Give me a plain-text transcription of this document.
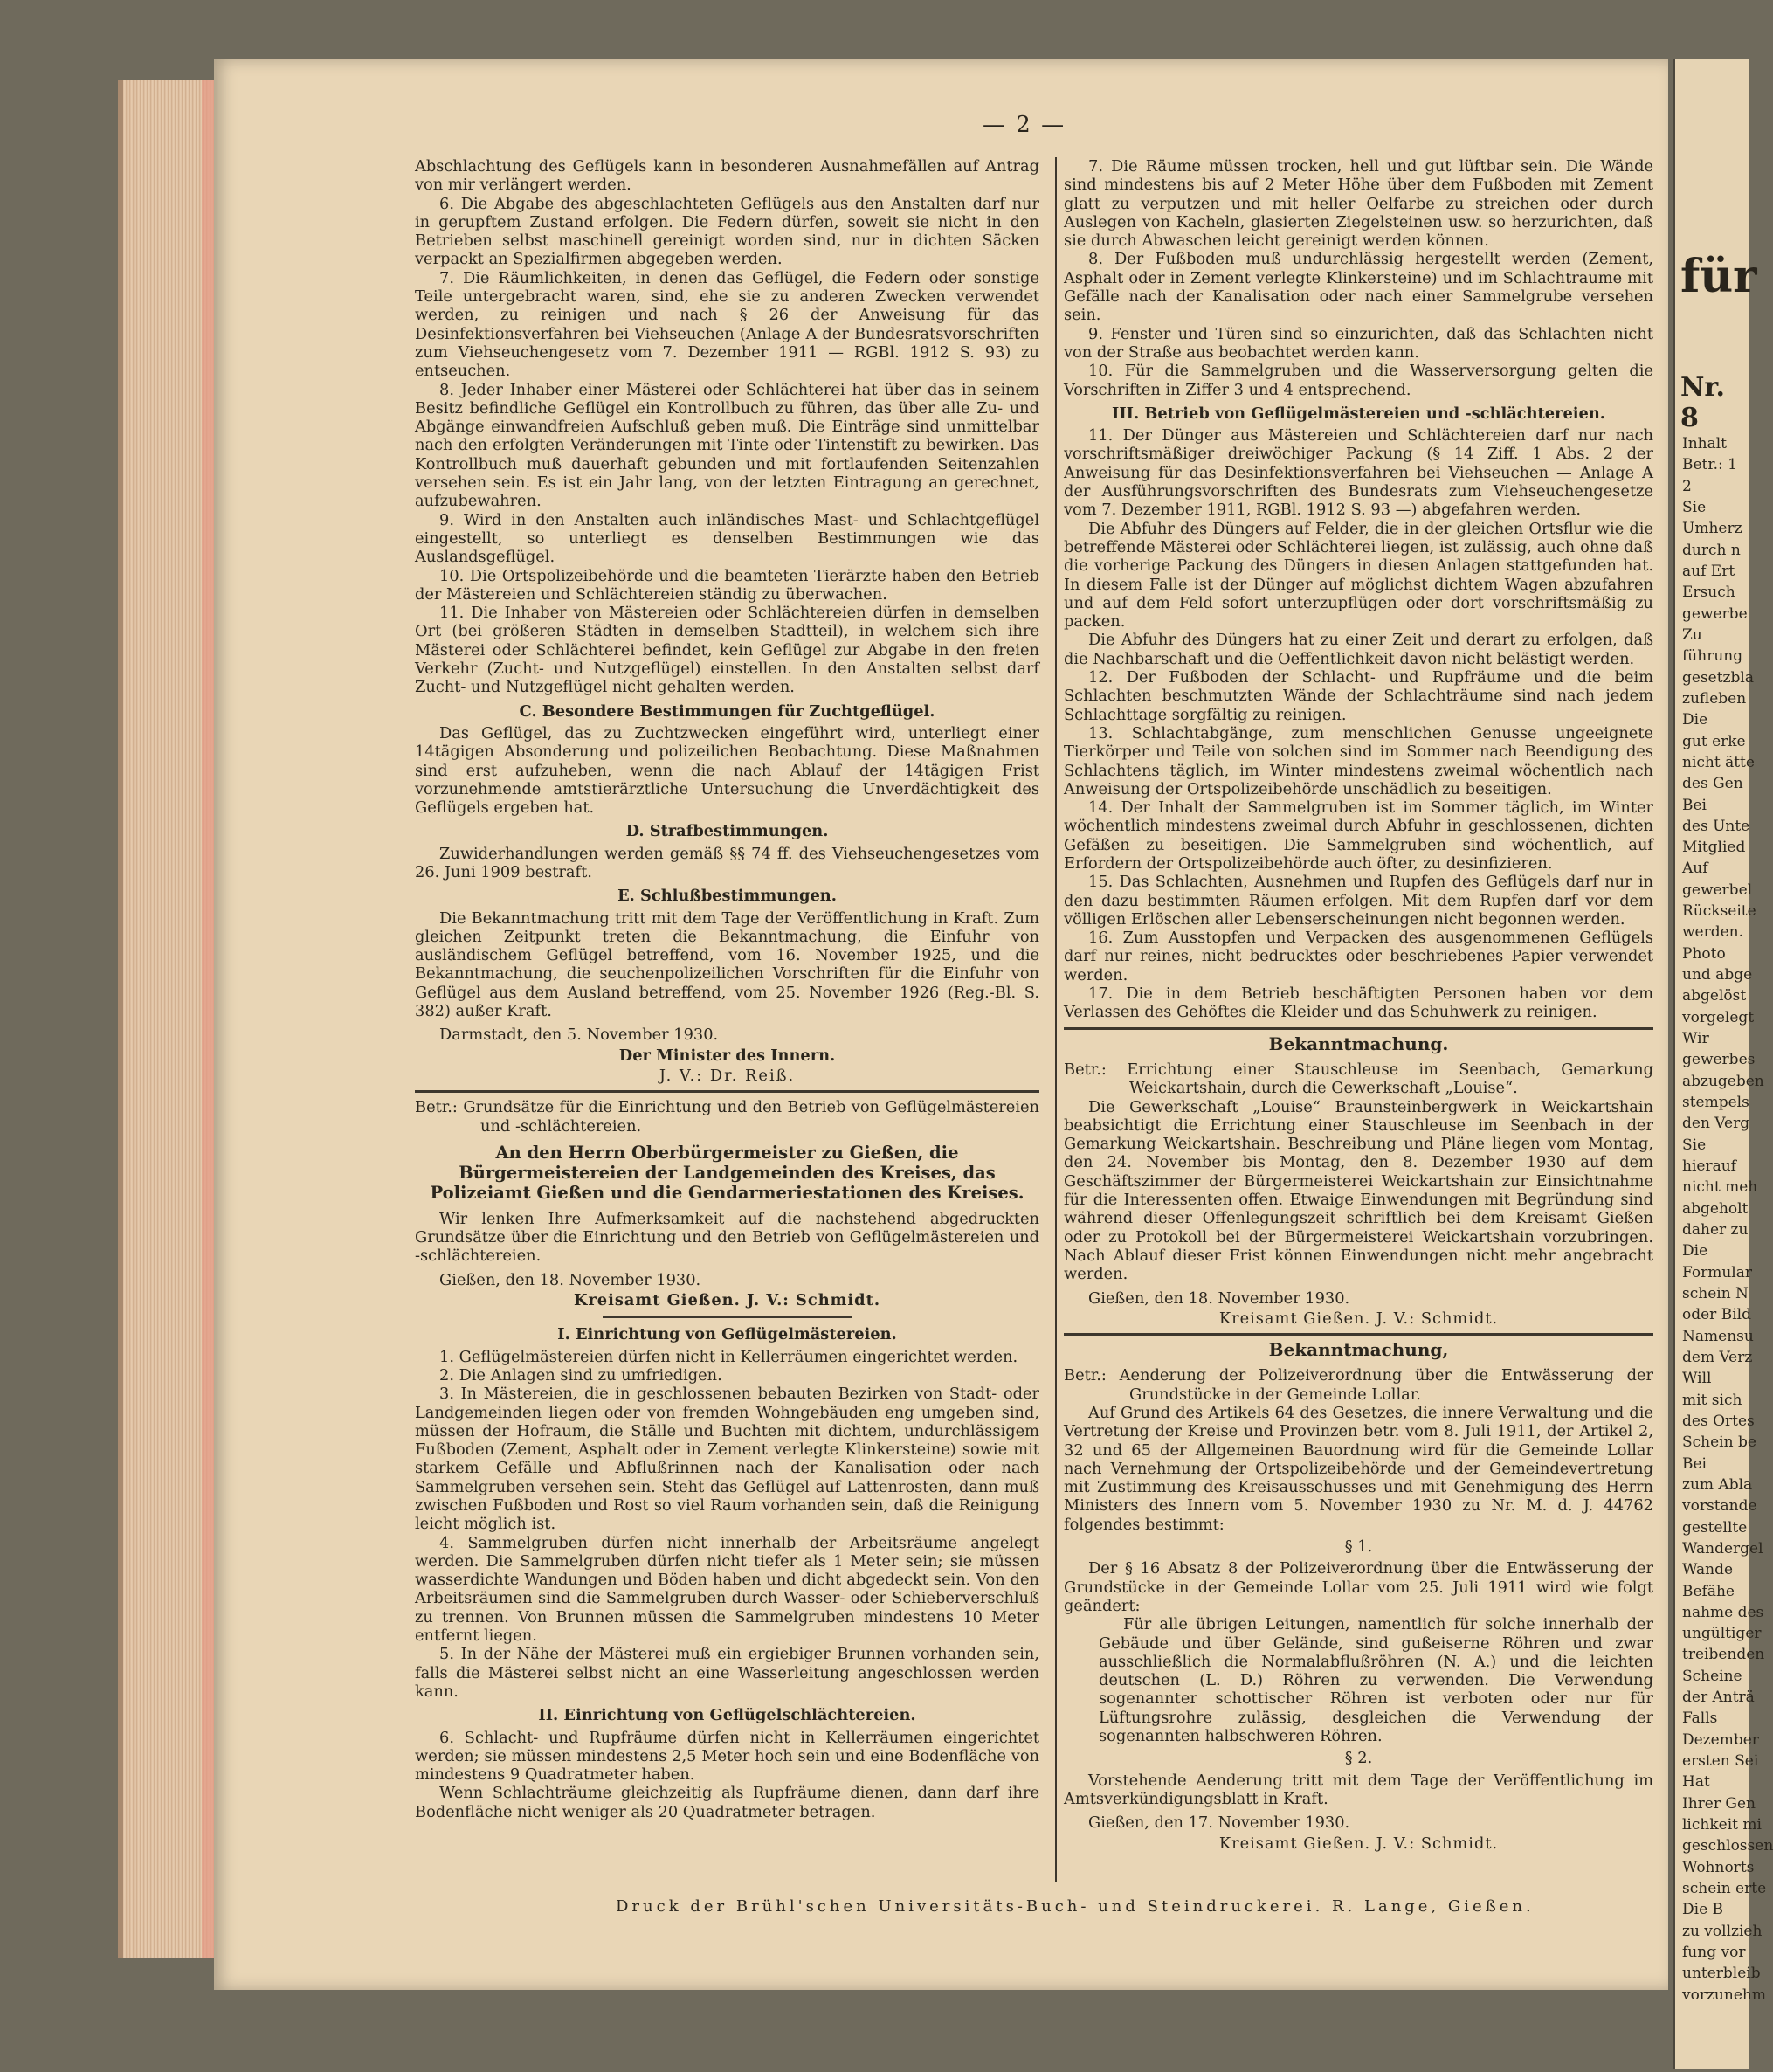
— 2 —

Abschlachtung des Geflügels kann in besonderen Ausnahmefällen auf Antrag von mir verlängert werden.

6. Die Abgabe des abgeschlachteten Geflügels aus den Anstalten darf nur in gerupftem Zustand erfolgen. Die Federn dürfen, soweit sie nicht in den Betrieben selbst maschinell gereinigt worden sind, nur in dichten Säcken verpackt an Spezialfirmen abgegeben werden.

7. Die Räumlichkeiten, in denen das Geflügel, die Federn oder sonstige Teile untergebracht waren, sind, ehe sie zu anderen Zwecken verwendet werden, zu reinigen und nach § 26 der Anweisung für das Desinfektionsverfahren bei Viehseuchen (Anlage A der Bundesratsvorschriften zum Viehseuchengesetz vom 7. Dezember 1911 — RGBl. 1912 S. 93) zu entseuchen.

8. Jeder Inhaber einer Mästerei oder Schlächterei hat über das in seinem Besitz befindliche Geflügel ein Kontrollbuch zu führen, das über alle Zu- und Abgänge einwandfreien Aufschluß geben muß. Die Einträge sind unmittelbar nach den erfolgten Veränderungen mit Tinte oder Tintenstift zu bewirken. Das Kontrollbuch muß dauerhaft gebunden und mit fortlaufenden Seitenzahlen versehen sein. Es ist ein Jahr lang, von der letzten Eintragung an gerechnet, aufzubewahren.

9. Wird in den Anstalten auch inländisches Mast- und Schlachtgeflügel eingestellt, so unterliegt es denselben Bestimmungen wie das Auslandsgeflügel.

10. Die Ortspolizeibehörde und die beamteten Tierärzte haben den Betrieb der Mästereien und Schlächtereien ständig zu überwachen.

11. Die Inhaber von Mästereien oder Schlächtereien dürfen in demselben Ort (bei größeren Städten in demselben Stadtteil), in welchem sich ihre Mästerei oder Schlächterei befindet, kein Geflügel zur Abgabe in den freien Verkehr (Zucht- und Nutzgeflügel) einstellen. In den Anstalten selbst darf Zucht- und Nutzgeflügel nicht gehalten werden.

C. Besondere Bestimmungen für Zuchtgeflügel.

Das Geflügel, das zu Zuchtzwecken eingeführt wird, unterliegt einer 14tägigen Absonderung und polizeilichen Beobachtung. Diese Maßnahmen sind erst aufzuheben, wenn die nach Ablauf der 14tägigen Frist vorzunehmende amtstierärztliche Untersuchung die Unverdächtigkeit des Geflügels ergeben hat.

D. Strafbestimmungen.

Zuwiderhandlungen werden gemäß §§ 74 ff. des Viehseuchengesetzes vom 26. Juni 1909 bestraft.

E. Schlußbestimmungen.

Die Bekanntmachung tritt mit dem Tage der Veröffentlichung in Kraft. Zum gleichen Zeitpunkt treten die Bekanntmachung, die Einfuhr von ausländischem Geflügel betreffend, vom 16. November 1925, und die Bekanntmachung, die seuchenpolizeilichen Vorschriften für die Einfuhr von Geflügel aus dem Ausland betreffend, vom 25. November 1926 (Reg.-Bl. S. 382) außer Kraft.

Darmstadt, den 5. November 1930.

Der Minister des Innern.
J. V.: Dr. Reiß.

Betr.: Grundsätze für die Einrichtung und den Betrieb von Geflügelmästereien und -schlächtereien.

An den Herrn Oberbürgermeister zu Gießen, die Bürgermeistereien der Landgemeinden des Kreises, das Polizeiamt Gießen und die Gendarmeriestationen des Kreises.

Wir lenken Ihre Aufmerksamkeit auf die nachstehend abgedruckten Grundsätze über die Einrichtung und den Betrieb von Geflügelmästereien und -schlächtereien.

Gießen, den 18. November 1930.

Kreisamt Gießen. J. V.: Schmidt.
I. Einrichtung von Geflügelmästereien.

1. Geflügelmästereien dürfen nicht in Kellerräumen eingerichtet werden.

2. Die Anlagen sind zu umfriedigen.

3. In Mästereien, die in geschlossenen bebauten Bezirken von Stadt- oder Landgemeinden liegen oder von fremden Wohngebäuden eng umgeben sind, müssen der Hofraum, die Ställe und Buchten mit dichtem, undurchlässigem Fußboden (Zement, Asphalt oder in Zement verlegte Klinkersteine) sowie mit starkem Gefälle und Abflußrinnen nach der Kanalisation oder nach Sammelgruben versehen sein. Steht das Geflügel auf Lattenrosten, dann muß zwischen Fußboden und Rost so viel Raum vorhanden sein, daß die Reinigung leicht möglich ist.

4. Sammelgruben dürfen nicht innerhalb der Arbeitsräume angelegt werden. Die Sammelgruben dürfen nicht tiefer als 1 Meter sein; sie müssen wasserdichte Wandungen und Böden haben und dicht abgedeckt sein. Von den Arbeitsräumen sind die Sammelgruben durch Wasser- oder Schieberverschluß zu trennen. Von Brunnen müssen die Sammelgruben mindestens 10 Meter entfernt liegen.

5. In der Nähe der Mästerei muß ein ergiebiger Brunnen vorhanden sein, falls die Mästerei selbst nicht an eine Wasserleitung angeschlossen werden kann.

II. Einrichtung von Geflügelschlächtereien.

6. Schlacht- und Rupfräume dürfen nicht in Kellerräumen eingerichtet werden; sie müssen mindestens 2,5 Meter hoch sein und eine Bodenfläche von mindestens 9 Quadratmeter haben.

Wenn Schlachträume gleichzeitig als Rupfräume dienen, dann darf ihre Bodenfläche nicht weniger als 20 Quadratmeter betragen.

7. Die Räume müssen trocken, hell und gut lüftbar sein. Die Wände sind mindestens bis auf 2 Meter Höhe über dem Fußboden mit Zement glatt zu verputzen und mit heller Oelfarbe zu streichen oder durch Auslegen von Kacheln, glasierten Ziegelsteinen usw. so herzurichten, daß sie durch Abwaschen leicht gereinigt werden können.

8. Der Fußboden muß undurchlässig hergestellt werden (Zement, Asphalt oder in Zement verlegte Klinkersteine) und im Schlachtraume mit Gefälle nach der Kanalisation oder nach einer Sammelgrube versehen sein.

9. Fenster und Türen sind so einzurichten, daß das Schlachten nicht von der Straße aus beobachtet werden kann.

10. Für die Sammelgruben und die Wasserversorgung gelten die Vorschriften in Ziffer 3 und 4 entsprechend.

III. Betrieb von Geflügelmästereien und -schlächtereien.

11. Der Dünger aus Mästereien und Schlächtereien darf nur nach vorschriftsmäßiger dreiwöchiger Packung (§ 14 Ziff. 1 Abs. 2 der Anweisung für das Desinfektionsverfahren bei Viehseuchen — Anlage A der Ausführungsvorschriften des Bundesrats zum Viehseuchengesetze vom 7. Dezember 1911, RGBl. 1912 S. 93 —) abgefahren werden.

Die Abfuhr des Düngers auf Felder, die in der gleichen Ortsflur wie die betreffende Mästerei oder Schlächterei liegen, ist zulässig, auch ohne daß die vorherige Packung des Düngers in diesen Anlagen stattgefunden hat. In diesem Falle ist der Dünger auf möglichst dichtem Wagen abzufahren und auf dem Feld sofort unterzupflügen oder dort vorschriftsmäßig zu packen.

Die Abfuhr des Düngers hat zu einer Zeit und derart zu erfolgen, daß die Nachbarschaft und die Oeffentlichkeit davon nicht belästigt werden.

12. Der Fußboden der Schlacht- und Rupfräume und die beim Schlachten beschmutzten Wände der Schlachträume sind nach jedem Schlachttage sorgfältig zu reinigen.

13. Schlachtabgänge, zum menschlichen Genusse ungeeignete Tierkörper und Teile von solchen sind im Sommer nach Beendigung des Schlachtens täglich, im Winter mindestens zweimal wöchentlich nach Anweisung der Ortspolizeibehörde unschädlich zu beseitigen.

14. Der Inhalt der Sammelgruben ist im Sommer täglich, im Winter wöchentlich mindestens zweimal durch Abfuhr in geschlossenen, dichten Gefäßen zu beseitigen. Die Sammelgruben sind wöchentlich, auf Erfordern der Ortspolizeibehörde auch öfter, zu desinfizieren.

15. Das Schlachten, Ausnehmen und Rupfen des Geflügels darf nur in den dazu bestimmten Räumen erfolgen. Mit dem Rupfen darf vor dem völligen Erlöschen aller Lebenserscheinungen nicht begonnen werden.

16. Zum Ausstopfen und Verpacken des ausgenommenen Geflügels darf nur reines, nicht bedrucktes oder beschriebenes Papier verwendet werden.

17. Die in dem Betrieb beschäftigten Personen haben vor dem Verlassen des Gehöftes die Kleider und das Schuhwerk zu reinigen.

Bekanntmachung.

Betr.: Errichtung einer Stauschleuse im Seenbach, Gemarkung Weickartshain, durch die Gewerkschaft „Louise“.

Die Gewerkschaft „Louise“ Braunsteinbergwerk in Weickartshain beabsichtigt die Errichtung einer Stauschleuse im Seenbach in der Gemarkung Weickartshain. Beschreibung und Pläne liegen vom Montag, den 24. November bis Montag, den 8. Dezember 1930 auf dem Geschäftszimmer der Bürgermeisterei Weickartshain zur Einsichtnahme für die Interessenten offen. Etwaige Einwendungen mit Begründung sind während dieser Offenlegungszeit schriftlich bei dem Kreisamt Gießen oder zu Protokoll bei der Bürgermeisterei Weickartshain vorzubringen. Nach Ablauf dieser Frist können Einwendungen nicht mehr angebracht werden.

Gießen, den 18. November 1930.

Kreisamt Gießen. J. V.: Schmidt.
Bekanntmachung,

Betr.: Aenderung der Polizeiverordnung über die Entwässerung der Grundstücke in der Gemeinde Lollar.

Auf Grund des Artikels 64 des Gesetzes, die innere Verwaltung und die Vertretung der Kreise und Provinzen betr. vom 8. Juli 1911, der Artikel 2, 32 und 65 der Allgemeinen Bauordnung wird für die Gemeinde Lollar nach Vernehmung der Ortspolizeibehörde und der Gemeindevertretung mit Zustimmung des Kreisausschusses und mit Genehmigung des Herrn Ministers des Innern vom 5. November 1930 zu Nr. M. d. J. 44762 folgendes bestimmt:

§ 1.

Der § 16 Absatz 8 der Polizeiverordnung über die Entwässerung der Grundstücke in der Gemeinde Lollar vom 25. Juli 1911 wird wie folgt geändert:

Für alle übrigen Leitungen, namentlich für solche innerhalb der Gebäude und über Gelände, sind gußeiserne Röhren und zwar ausschließlich die Normalabflußröhren (N. A.) und die leichten deutschen (L. D.) Röhren zu verwenden. Die Verwendung sogenannter schottischer Röhren ist verboten oder nur für Lüftungsrohre zulässig, desgleichen die Verwendung der sogenannten halbschweren Röhren.

§ 2.

Vorstehende Aenderung tritt mit dem Tage der Veröffentlichung im Amtsverkündigungsblatt in Kraft.

Gießen, den 17. November 1930.

Kreisamt Gießen. J. V.: Schmidt.
Druck der Brühl'schen Universitäts-Buch- und Steindruckerei. R. Lange, Gießen.
für
Nr. 8
Inhalt
Betr.: 1
2
Sie
Umherz
durch n
auf Ert
Ersuch
gewerbe
Zu
führung
gesetzbla
zufleben
Die
gut erke
nicht ätte
des Gen
Bei
des Unte
Mitglied
Auf
gewerbel
Rückseite
werden.
Photo
und abge
abgelöst
vorgelegt
Wir
gewerbes
abzugeben
stempels
den Verg
Sie
hierauf
nicht meh
abgeholt
daher zu
Die
Formular
schein N
oder Bild
Namensu
dem Verz
Will
mit sich
des Ortes
Schein be
Bei
zum Abla
vorstande
gestellte
Wandergel
Wande
Befähe
nahme des
ungültiger
treibenden
Scheine
der Anträ
Falls
Dezember
ersten Sei
Hat
Ihrer Gen
lichkeit mi
geschlossen
Wohnorts
schein erte
Die B
zu vollzieh
fung vor
unterbleib
vorzunehm
